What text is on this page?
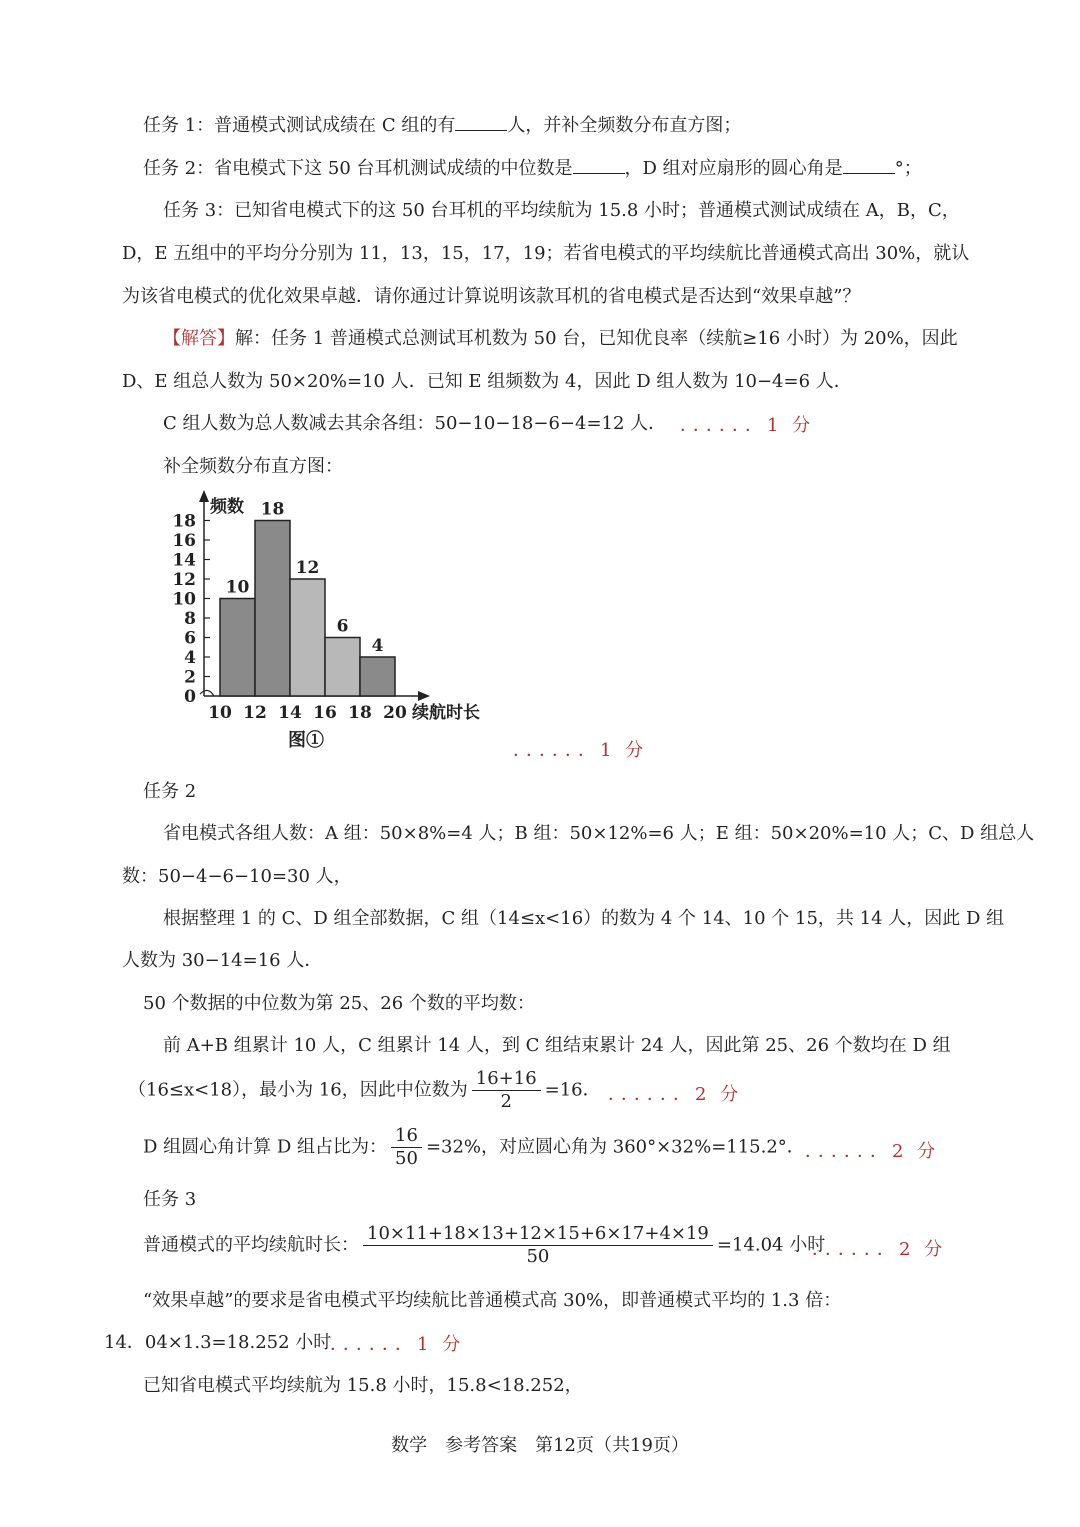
任务 1：普通模式测试成绩在 C 组的有	人，并补全频数分布直方图；
任务 2：省电模式下这 50 台耳机测试成绩的中位数是	，D 组对应扇形的圆心角是	°；
任务 3：已知省电模式下的这 50 台耳机的平均续航为 15.8 小时；普通模式测试成绩在 A，B，C，
D，E 五组中的平均分分别为 11，13，15，17，19；若省电模式的平均续航比普通模式高出 30%，就认
为该省电模式的优化效果卓越．请你通过计算说明该款耳机的省电模式是否达到“效果卓越”？
【解答】解：任务 1 普通模式总测试耳机数为 50 台，已知优良率（续航≥16 小时）为 20%，因此
D、E 组总人数为 50×20%=10 人．已知 E 组频数为 4，因此 D 组人数为 10−4=6 人．
C 组人数为总人数减去其余各组：50−10−18−6−4=12 人． ．．．．．．1 分
补全频数分布直方图：
0
2
4
6
8
10
12
14
16
18
频数
10
18
12
6
4
10 12 14 16 18 20 续航时长
图①	．．．．．．1 分
任务 2
省电模式各组人数：A 组：50×8%=4 人；B 组：50×12%=6 人；E 组：50×20%=10 人；C、D 组总人
数：50−4−6−10=30 人，
根据整理 1 的 C、D 组全部数据，C 组（14≤x<16）的数为 4 个 14、10 个 15，共 14 人，因此 D 组
人数为 30−14=16 人．
50 个数据的中位数为第 25、26 个数的平均数：
前 A+B 组累计 10 人，C 组累计 14 人，到 C 组结束累计 24 人，因此第 25、26 个数均在 D 组
（16≤x<18），最小为 16，因此中位数为 $\frac{16+16}{2} =16$． ．．．．．．2 分
D 组圆心角计算 D 组占比为： $\frac{16}{50} =32\%$，对应圆心角为 360°×32%=115.2°． ．．．．．．2 分
任务 3
普通模式的平均续航时长： $\frac{10\times 11+18\times 13+12\times 15+6\times 17+4\times 19}{50} =14.04$ 小时
．．．．．．2 分
“效果卓越”的要求是省电模式平均续航比普通模式高 30%，即普通模式平均的 1.3 倍：
14．04×1.3=18.252 小时
．．．．．．1 分
已知省电模式平均续航为 15.8 小时，15.8<18.252，
数学　参考答案　第12页（共19页）
